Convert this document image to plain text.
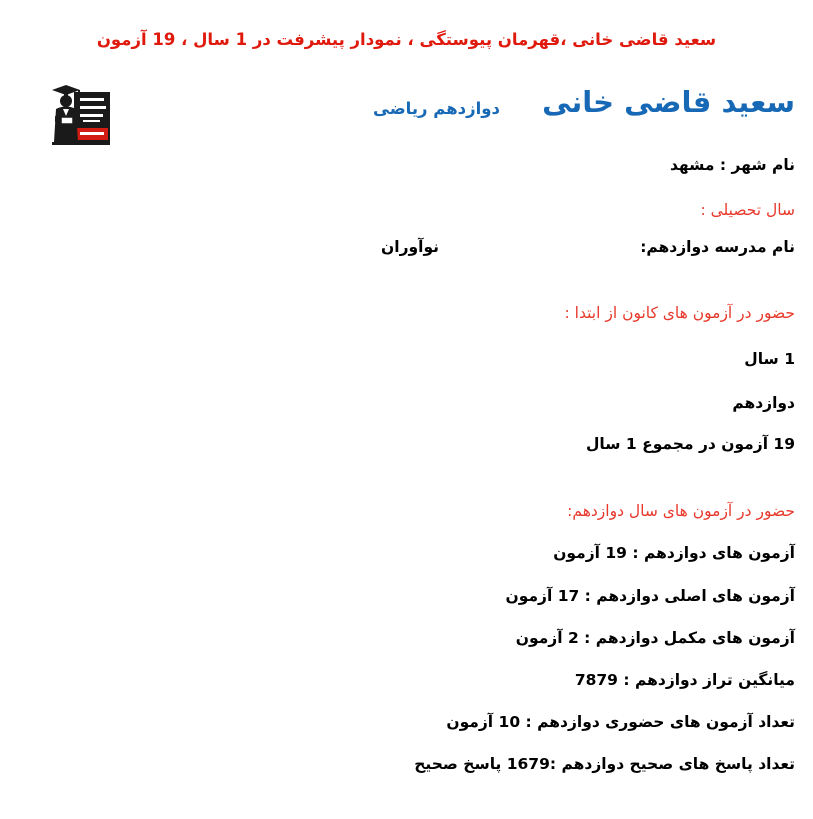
سعید قاضی خانی ،قهرمان پیوستگی ، نمودار پیشرفت در 1 سال ، 19 آزمون
سعید قاضی خانی
دوازدهم ریاضی
نام شهر : مشهد
سال تحصیلی :
نام مدرسه دوازدهم:
نوآوران
حضور در آزمون های کانون از ابتدا :
1 سال
دوازدهم
19 آزمون در مجموع 1 سال
حضور در آزمون های سال دوازدهم:
آزمون های دوازدهم : 19 آزمون
آزمون های اصلی دوازدهم : 17 آزمون
آزمون های مکمل دوازدهم : 2 آزمون
میانگین تراز دوازدهم : 7879
تعداد آزمون های حضوری دوازدهم : 10 آزمون
تعداد پاسخ های صحیح دوازدهم :1679 پاسخ صحیح
